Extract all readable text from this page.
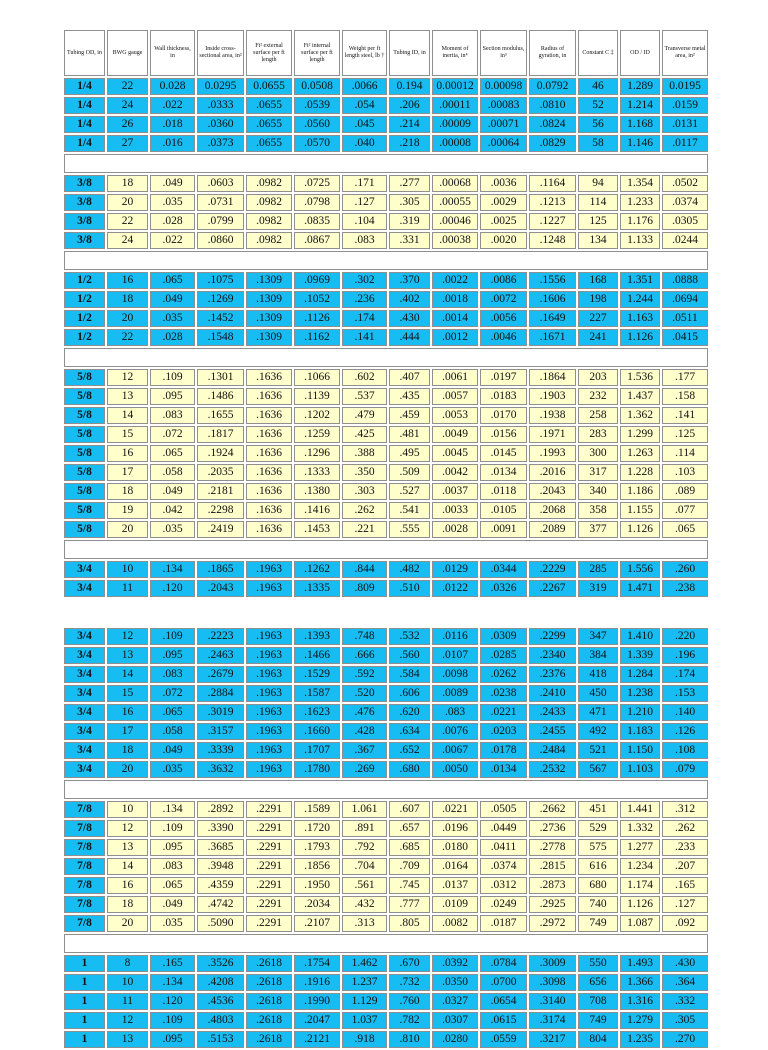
Tubing OD, in	BWG gauge	Wall thickness, in	Inside cross-sectional area, in²	Ft² external surface per ft length	Ft² internal surface per ft length	Weight per ft length steel, lb †	Tubing ID, in	Moment of inertia, in⁴	Section modulus, in³	Radius of gyration, in	Constant C ‡	OD / ID	Transverse metal area, in²
1/4	22	0.028	0.0295	0.0655	0.0508	.0066	0.194	0.00012	0.00098	0.0792	46	1.289	0.0195
1/4	24	.022	.0333	.0655	.0539	.054	.206	.00011	.00083	.0810	52	1.214	.0159
1/4	26	.018	.0360	.0655	.0560	.045	.214	.00009	.00071	.0824	56	1.168	.0131
1/4	27	.016	.0373	.0655	.0570	.040	.218	.00008	.00064	.0829	58	1.146	.0117

3/8	18	.049	.0603	.0982	.0725	.171	.277	.00068	.0036	.1164	94	1.354	.0502
3/8	20	.035	.0731	.0982	.0798	.127	.305	.00055	.0029	.1213	114	1.233	.0374
3/8	22	.028	.0799	.0982	.0835	.104	.319	.00046	.0025	.1227	125	1.176	.0305
3/8	24	.022	.0860	.0982	.0867	.083	.331	.00038	.0020	.1248	134	1.133	.0244

1/2	16	.065	.1075	.1309	.0969	.302	.370	.0022	.0086	.1556	168	1.351	.0888
1/2	18	.049	.1269	.1309	.1052	.236	.402	.0018	.0072	.1606	198	1.244	.0694
1/2	20	.035	.1452	.1309	.1126	.174	.430	.0014	.0056	.1649	227	1.163	.0511
1/2	22	.028	.1548	.1309	.1162	.141	.444	.0012	.0046	.1671	241	1.126	.0415

5/8	12	.109	.1301	.1636	.1066	.602	.407	.0061	.0197	.1864	203	1.536	.177
5/8	13	.095	.1486	.1636	.1139	.537	.435	.0057	.0183	.1903	232	1.437	.158
5/8	14	.083	.1655	.1636	.1202	.479	.459	.0053	.0170	.1938	258	1.362	.141
5/8	15	.072	.1817	.1636	.1259	.425	.481	.0049	.0156	.1971	283	1.299	.125
5/8	16	.065	.1924	.1636	.1296	.388	.495	.0045	.0145	.1993	300	1.263	.114
5/8	17	.058	.2035	.1636	.1333	.350	.509	.0042	.0134	.2016	317	1.228	.103
5/8	18	.049	.2181	.1636	.1380	.303	.527	.0037	.0118	.2043	340	1.186	.089
5/8	19	.042	.2298	.1636	.1416	.262	.541	.0033	.0105	.2068	358	1.155	.077
5/8	20	.035	.2419	.1636	.1453	.221	.555	.0028	.0091	.2089	377	1.126	.065

3/4	10	.134	.1865	.1963	.1262	.844	.482	.0129	.0344	.2229	285	1.556	.260
3/4	11	.120	.2043	.1963	.1335	.809	.510	.0122	.0326	.2267	319	1.471	.238
3/4	12	.109	.2223	.1963	.1393	.748	.532	.0116	.0309	.2299	347	1.410	.220
3/4	13	.095	.2463	.1963	.1466	.666	.560	.0107	.0285	.2340	384	1.339	.196
3/4	14	.083	.2679	.1963	.1529	.592	.584	.0098	.0262	.2376	418	1.284	.174
3/4	15	.072	.2884	.1963	.1587	.520	.606	.0089	.0238	.2410	450	1.238	.153
3/4	16	.065	.3019	.1963	.1623	.476	.620	.083	.0221	.2433	471	1.210	.140
3/4	17	.058	.3157	.1963	.1660	.428	.634	.0076	.0203	.2455	492	1.183	.126
3/4	18	.049	.3339	.1963	.1707	.367	.652	.0067	.0178	.2484	521	1.150	.108
3/4	20	.035	.3632	.1963	.1780	.269	.680	.0050	.0134	.2532	567	1.103	.079

7/8	10	.134	.2892	.2291	.1589	1.061	.607	.0221	.0505	.2662	451	1.441	.312
7/8	12	.109	.3390	.2291	.1720	.891	.657	.0196	.0449	.2736	529	1.332	.262
7/8	13	.095	.3685	.2291	.1793	.792	.685	.0180	.0411	.2778	575	1.277	.233
7/8	14	.083	.3948	.2291	.1856	.704	.709	.0164	.0374	.2815	616	1.234	.207
7/8	16	.065	.4359	.2291	.1950	.561	.745	.0137	.0312	.2873	680	1.174	.165
7/8	18	.049	.4742	.2291	.2034	.432	.777	.0109	.0249	.2925	740	1.126	.127
7/8	20	.035	.5090	.2291	.2107	.313	.805	.0082	.0187	.2972	749	1.087	.092

1	8	.165	.3526	.2618	.1754	1.462	.670	.0392	.0784	.3009	550	1.493	.430
1	10	.134	.4208	.2618	.1916	1.237	.732	.0350	.0700	.3098	656	1.366	.364
1	11	.120	.4536	.2618	.1990	1.129	.760	.0327	.0654	.3140	708	1.316	.332
1	12	.109	.4803	.2618	.2047	1.037	.782	.0307	.0615	.3174	749	1.279	.305
1	13	.095	.5153	.2618	.2121	.918	.810	.0280	.0559	.3217	804	1.235	.270
